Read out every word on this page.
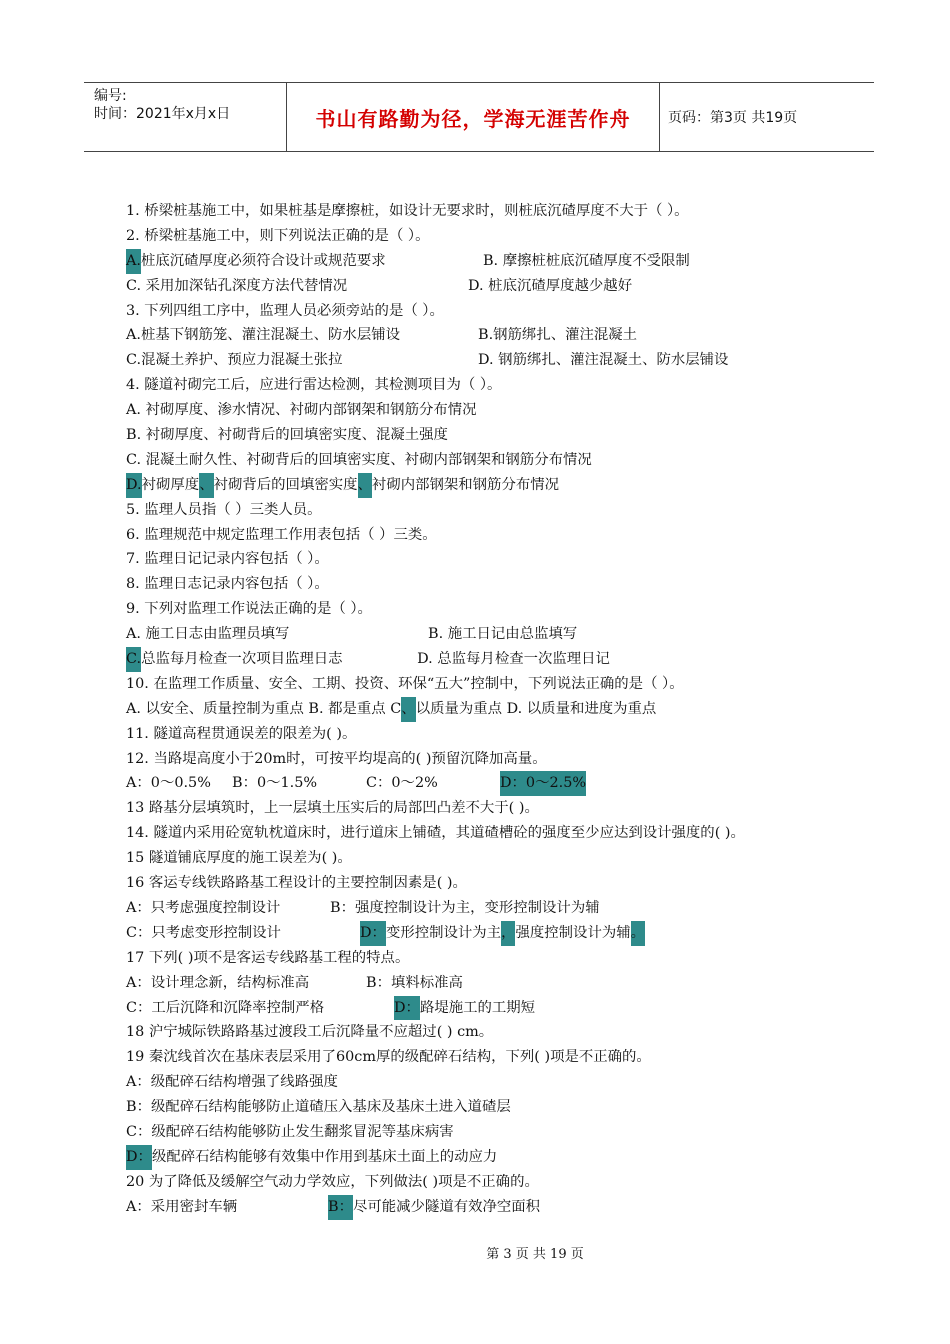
编号:
时间：2021年x月x日	书山有路勤为径，学海无涯苦作舟	页码：第3页 共19页
1. 桥梁桩基施工中，如果桩基是摩擦桩，如设计无要求时，则桩底沉碴厚度不大于（ ）。
2. 桥梁桩基施工中，则下列说法正确的是（ ）。
A.桩底沉碴厚度必须符合设计或规范要求	B. 摩擦桩桩底沉碴厚度不受限制
C. 采用加深钻孔深度方法代替情况	D. 桩底沉碴厚度越少越好
3. 下列四组工序中，监理人员必须旁站的是（ ）。
A.桩基下钢筋笼、灌注混凝土、防水层铺设	B.钢筋绑扎、灌注混凝土
C.混凝土养护、预应力混凝土张拉	D. 钢筋绑扎、灌注混凝土、防水层铺设
4. 隧道衬砌完工后，应进行雷达检测，其检测项目为（ ）。
A. 衬砌厚度、渗水情况、衬砌内部钢架和钢筋分布情况
B. 衬砌厚度、衬砌背后的回填密实度、混凝土强度
C. 混凝土耐久性、衬砌背后的回填密实度、衬砌内部钢架和钢筋分布情况
D.衬砌厚度、衬砌背后的回填密实度、衬砌内部钢架和钢筋分布情况
5. 监理人员指（ ）三类人员。
6. 监理规范中规定监理工作用表包括（ ）三类。
7. 监理日记记录内容包括（ ）。
8. 监理日志记录内容包括（ ）。
9. 下列对监理工作说法正确的是（ ）。
A. 施工日志由监理员填写	B. 施工日记由总监填写
C.总监每月检查一次项目监理日志	D. 总监每月检查一次监理日记
10. 在监理工作质量、安全、工期、投资、环保“五大”控制中，下列说法正确的是（ ）。
A. 以安全、质量控制为重点 B. 都是重点 C、以质量为重点 D. 以质量和进度为重点
11. 隧道高程贯通误差的限差为( )。
12. 当路堤高度小于20m时，可按平均堤高的( )预留沉降加高量。
A：0～0.5% B：0～1.5%	C：0～2%	D：0～2.5%
13 路基分层填筑时，上一层填土压实后的局部凹凸差不大于( )。
14. 隧道内采用砼宽轨枕道床时，进行道床上铺碴，其道碴槽砼的强度至少应达到设计强度的( )。
15 隧道铺底厚度的施工误差为( )。
16 客运专线铁路路基工程设计的主要控制因素是( )。
A：只考虑强度控制设计	B：强度控制设计为主，变形控制设计为辅
C：只考虑变形控制设计	D：变形控制设计为主，强度控制设计为辅。
17 下列( )项不是客运专线路基工程的特点。
A：设计理念新，结构标准高	B：填料标准高
C：工后沉降和沉降率控制严格	D：路堤施工的工期短
18 沪宁城际铁路路基过渡段工后沉降量不应超过( ) cm。
19 秦沈线首次在基床表层采用了60cm厚的级配碎石结构，下列( )项是不正确的。
A：级配碎石结构增强了线路强度
B：级配碎石结构能够防止道碴压入基床及基床土进入道碴层
C：级配碎石结构能够防止发生翻浆冒泥等基床病害
D：级配碎石结构能够有效集中作用到基床土面上的动应力
20 为了降低及缓解空气动力学效应，下列做法( )项是不正确的。
A：采用密封车辆	B：尽可能减少隧道有效净空面积
第 3 页 共 19 页
